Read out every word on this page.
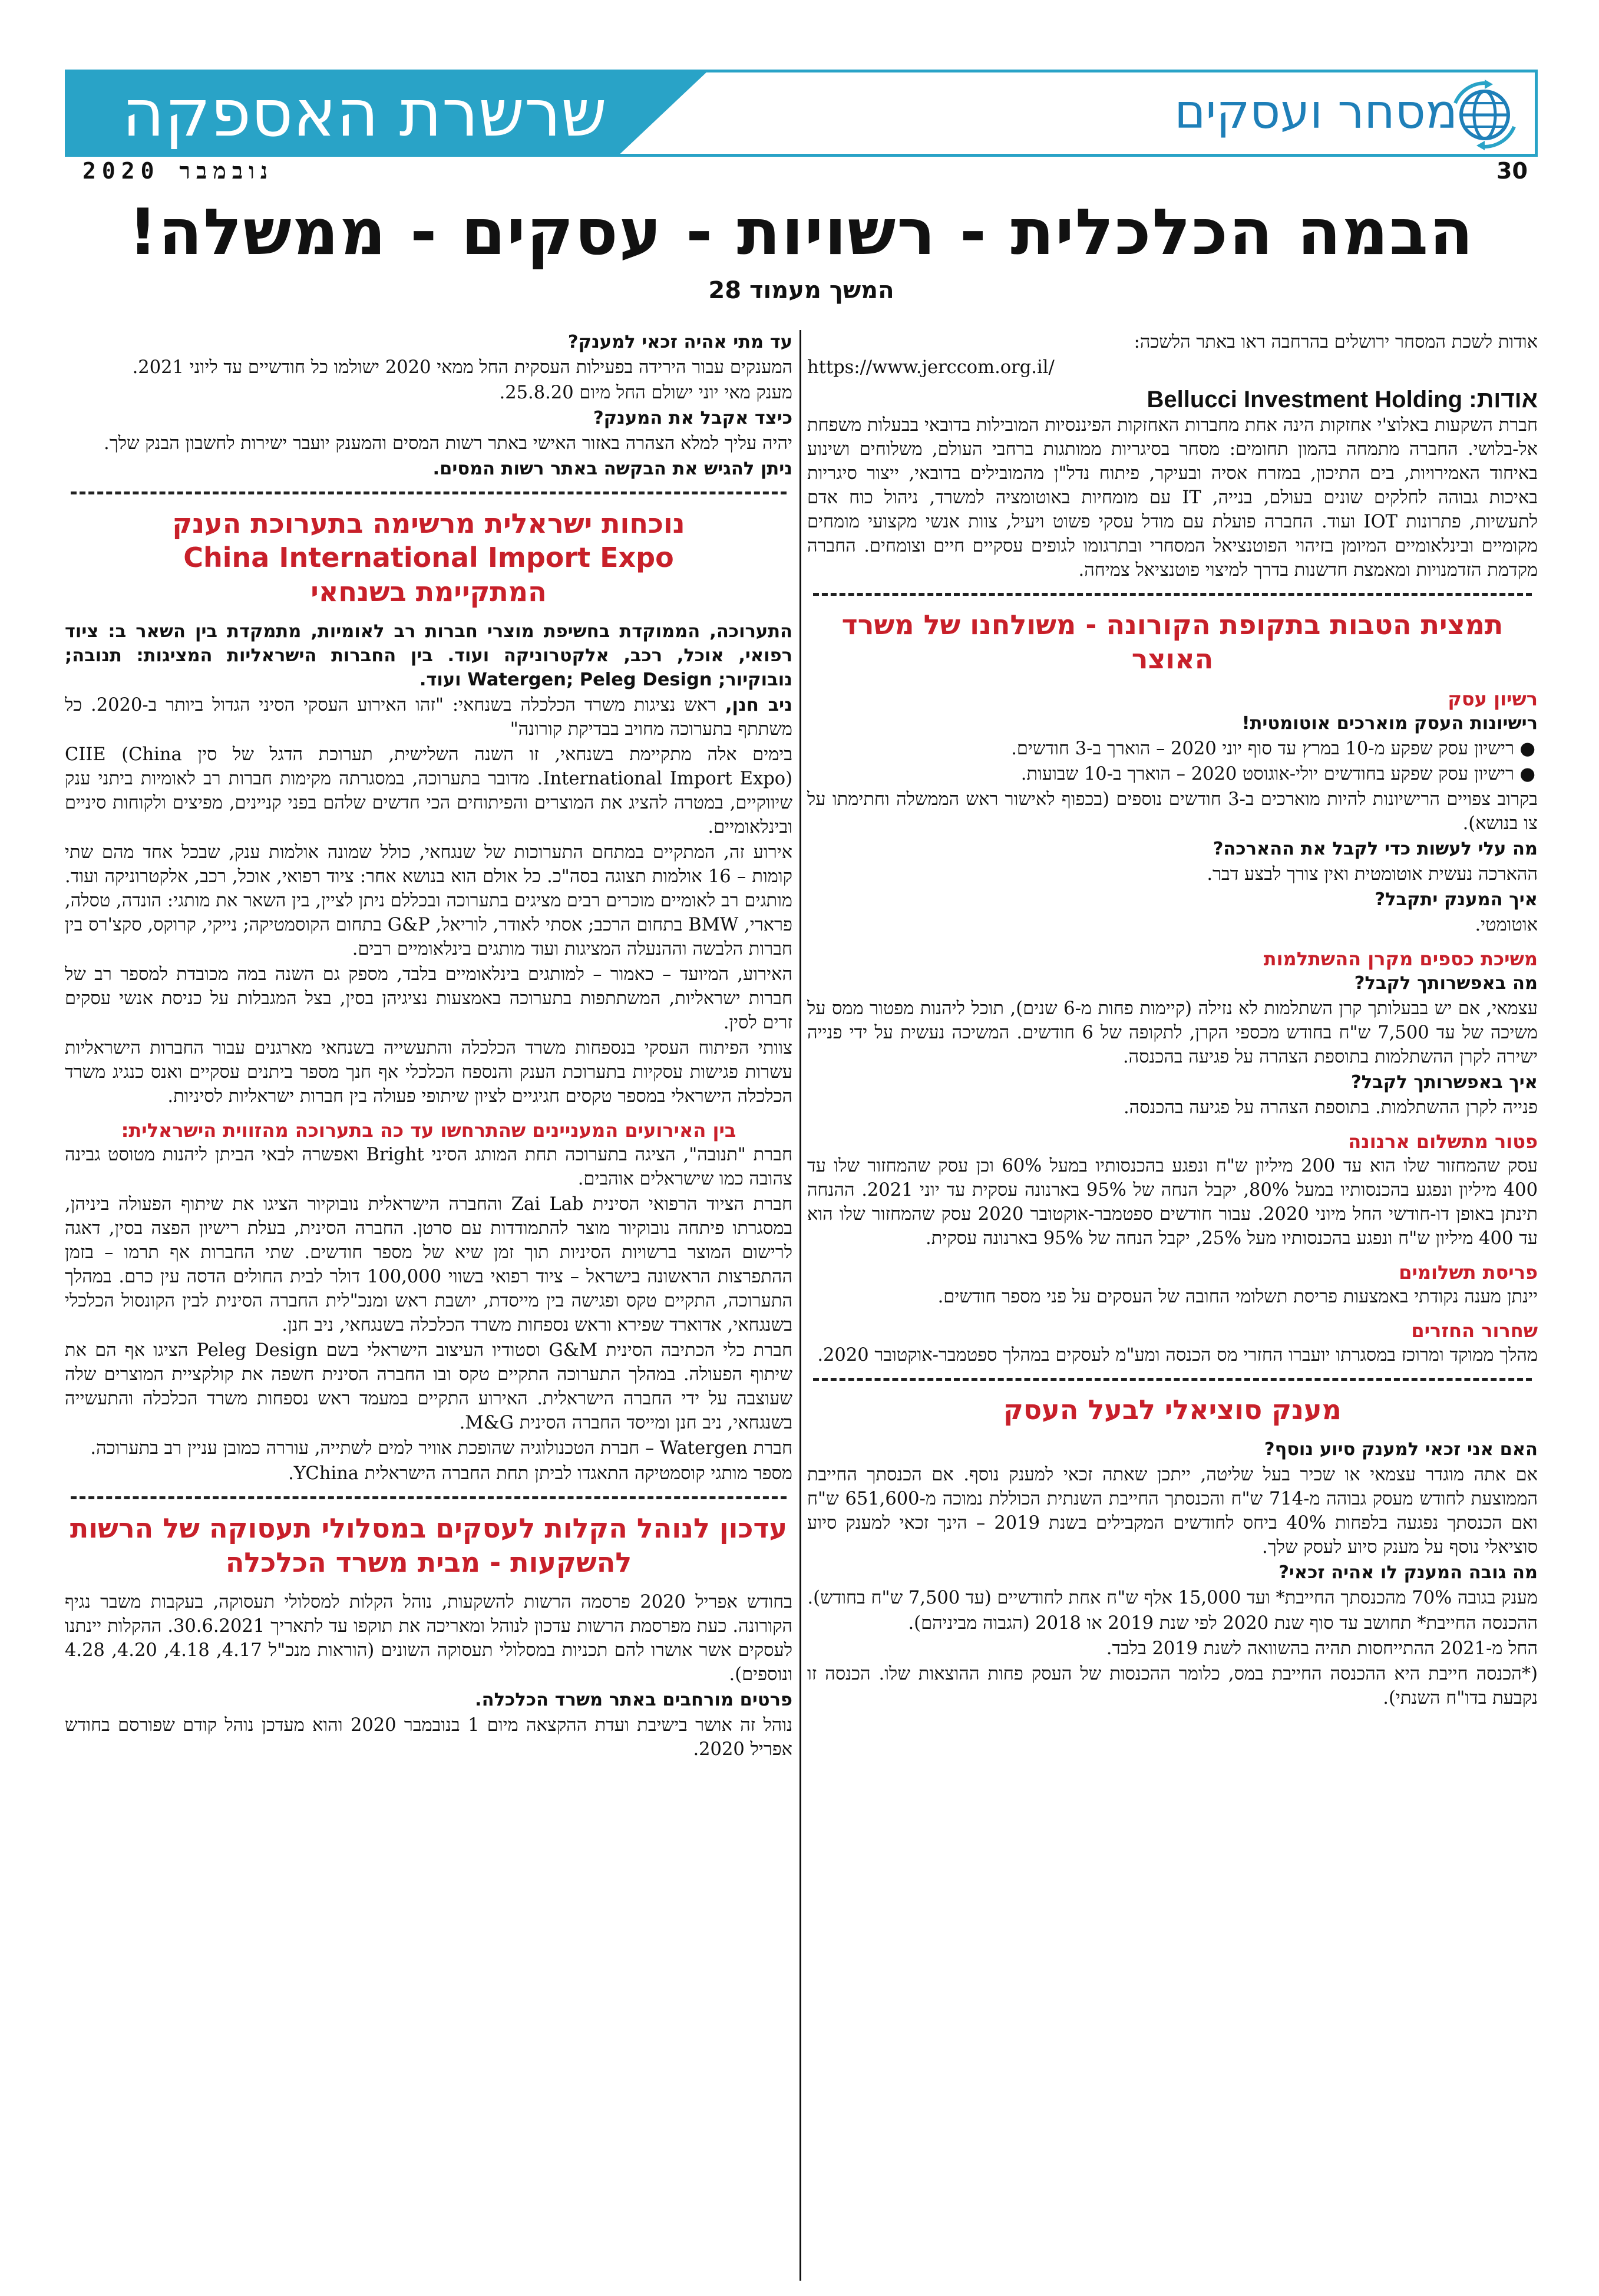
שרשרת האספקה	מסחר ועסקים
נובמבר 2020	30
הבמה הכלכלית - רשויות - עסקים - ממשלה!
המשך מעמוד 28

אודות לשכת המסחר ירושלים בהרחבה ראו באתר הלשכה:

https://www.jerccom.org.il/

אודות: Bellucci Investment Holding

חברת השקעות באלוצ'י אחזקות הינה אחת מחברות האחזקות הפיננסיות המובילות בדובאי בבעלות משפחת אל-בלושי. החברה מתמחה בהמון תחומים: מסחר בסיגריות ממותגות ברחבי העולם, משלוחים ושינוע באיחוד האמירויות, בים התיכון, במזרח אסיה ובעיקר, פיתוח נדל"ן מהמובילים בדובאי, ייצור סיגריות באיכות גבוהה לחלקים שונים בעולם, בנייה, IT עם מומחיות באוטומציה למשרד, ניהול כוח אדם לתעשיות, פתרונות IOT ועוד. החברה פועלת עם מודל עסקי פשוט ויעיל, צוות אנשי מקצועי מומחים מקומיים ובינלאומיים המיומן בזיהוי הפוטנציאל המסחרי ובתרגומו לגופים עסקיים חיים וצומחים. החברה מקדמת הזדמנויות ומאמצת חדשנות בדרך למיצוי פוטנציאל צמיחה.

תמצית הטבות בתקופת הקורונה - משולחנו של משרד האוצר
רשיון עסק

רישיונות העסק מוארכים אוטומטית!

● רישיון עסק שפקע מ-10 במרץ עד סוף יוני 2020 – הוארך ב-3 חודשים.

● רישיון עסק שפקע בחודשים יולי-אוגוסט 2020 – הוארך ב-10 שבועות.

בקרוב צפויים הרישיונות להיות מוארכים ב-3 חודשים נוספים (בכפוף לאישור ראש הממשלה וחתימתו על צו בנושא).

מה עלי לעשות כדי לקבל את ההארכה?

ההארכה נעשית אוטומטית ואין צורך לבצע דבר.

איך המענק יתקבל?

אוטומטי.

משיכת כספים מקרן ההשתלמות

מה באפשרותך לקבל?

עצמאי, אם יש בבעלותך קרן השתלמות לא נזילה (קיימות פחות מ-6 שנים), תוכל ליהנות מפטור ממס על משיכה של עד 7,500 ש"ח בחודש מכספי הקרן, לתקופה של 6 חודשים. המשיכה נעשית על ידי פנייה ישירה לקרן ההשתלמות בתוספת הצהרה על פגיעה בהכנסה.

איך באפשרותך לקבל?

פנייה לקרן ההשתלמות. בתוספת הצהרה על פגיעה בהכנסה.

פטור מתשלום ארנונה

עסק שהמחזור שלו הוא עד 200 מיליון ש"ח ונפגע בהכנסותיו במעל 60% וכן עסק שהמחזור שלו עד 400 מיליון ונפגע בהכנסותיו במעל 80%, יקבל הנחה של 95% בארנונה עסקית עד יוני 2021. ההנחה תינתן באופן דו-חודשי החל מיוני 2020. עבור חודשים ספטמבר-אוקטובר 2020 עסק שהמחזור שלו הוא עד 400 מיליון ש"ח ונפגע בהכנסותיו מעל 25%, יקבל הנחה של 95% בארנונה עסקית.

פריסת תשלומים

יינתן מענה נקודתי באמצעות פריסת תשלומי החובה של העסקים על פני מספר חודשים.

שחרור החזרים

מהלך ממוקד ומרוכז במסגרתו יועברו החזרי מס הכנסה ומע"מ לעסקים במהלך ספטמבר-אוקטובר 2020.

מענק סוציאלי לבעל העסק

האם אני זכאי למענק סיוע נוסף?

אם אתה מוגדר עצמאי או שכיר בעל שליטה, ייתכן שאתה זכאי למענק נוסף. אם הכנסתך החייבת הממוצעת לחודש מעסק גבוהה מ-714 ש"ח והכנסתך החייבת השנתית הכוללת נמוכה מ-651,600 ש"ח ואם הכנסתך נפגעה בלפחות 40% ביחס לחודשים המקבילים בשנת 2019 – הינך זכאי למענק סיוע סוציאלי נוסף על מענק סיוע לעסק שלך.

מה גובה המענק לו אהיה זכאי?

מענק בגובה 70% מהכנסתך החייבת* ועד 15,000 אלף ש"ח אחת לחודשיים (עד 7,500 ש"ח בחודש).

ההכנסה החייבת* תחושב עד סוף שנת 2020 לפי שנת 2019 או 2018 (הגבוה מביניהם).

החל מ-2021 ההתייחסות תהיה בהשוואה לשנת 2019 בלבד.

(*הכנסה חייבת היא ההכנסה החייבת במס, כלומר ההכנסות של העסק פחות ההוצאות שלו. הכנסה זו נקבעת בדו"ח השנתי).

עד מתי אהיה זכאי למענק?

המענקים עבור הירידה בפעילות העסקית החל ממאי 2020 ישולמו כל חודשיים עד ליוני 2021.

מענק מאי יוני ישולם החל מיום 25.8.20.

כיצד אקבל את המענק?

יהיה עליך למלא הצהרה באזור האישי באתר רשות המסים והמענק יועבר ישירות לחשבון הבנק שלך.

ניתן להגיש את הבקשה באתר רשות המסים.

נוכחות ישראלית מרשימה בתערוכת הענק
China International Import Expo
המתקיימת בשנחאי

התערוכה, הממוקדת בחשיפת מוצרי חברות רב לאומיות, מתמקדת בין השאר ב: ציוד רפואי, אוכל, רכב, אלקטרוניקה ועוד. בין החברות הישראליות המציגות: תנובה; נובוקיור; Watergen; Peleg Design ועוד.

ניב חנן, ראש נציגות משרד הכלכלה בשנחאי: "זהו האירוע העסקי הסיני הגדול ביותר ב-2020. כל משתתף בתערוכה מחויב בבדיקת קורונה"

בימים אלה מתקיימת בשנחאי, זו השנה השלישית, תערוכת הדגל של סין CIIE (China International Import Expo). מדובר בתערוכה, במסגרתה מקימות חברות רב לאומיות ביתני ענק שיווקיים, במטרה להציג את המוצרים והפיתוחים הכי חדשים שלהם בפני קניינים, מפיצים ולקוחות סיניים ובינלאומיים.

אירוע זה, המתקיים במתחם התערוכות של שנגחאי, כולל שמונה אולמות ענק, שבכל אחד מהם שתי קומות – 16 אולמות תצוגה בסה"כ. כל אולם הוא בנושא אחר: ציוד רפואי, אוכל, רכב, אלקטרוניקה ועוד. מותגים רב לאומיים מוכרים רבים מציגים בתערוכה ובכללם ניתן לציין, בין השאר את מותגי: הונדה, טסלה, פרארי, BMW בתחום הרכב; אסתי לאודר, לוריאל, G&P בתחום הקוסמטיקה; נייקי, קרוקס, סקצ'רס בין חברות הלבשה וההנעלה המציגות ועוד מותגים בינלאומיים רבים.

האירוע, המיועד – כאמור – למותגים בינלאומיים בלבד, מספק גם השנה במה מכובדת למספר רב של חברות ישראליות, המשתתפות בתערוכה באמצעות נציגיהן בסין, בצל המגבלות על כניסת אנשי עסקים זרים לסין.

צוותי הפיתוח העסקי בנספחות משרד הכלכלה והתעשייה בשנחאי מארגנים עבור החברות הישראליות עשרות פגישות עסקיות בתערוכת הענק והנספח הכלכלי אף חנך מספר ביתנים עסקיים ואנס כנגיג משרד הכלכלה הישראלי במספר טקסים חגיגיים לציון שיתופי פעולה בין חברות ישראליות לסיניות.

בין האירועים המעניינים שהתרחשו עד כה בתערוכה מהזווית הישראלית:

חברת "תנובה", הציגה בתערוכה תחת המותג הסיני Bright ואפשרה לבאי הביתן ליהנות מטוסט גבינה צהובה כמו שישראלים אוהבים.

חברת הציוד הרפואי הסינית Zai Lab והחברה הישראלית נובוקיור הציגו את שיתוף הפעולה ביניהן, במסגרתו פיתחה נובוקיור מוצר להתמודדות עם סרטן. החברה הסינית, בעלת רישיון הפצה בסין, דאגה לרישום המוצר ברשויות הסיניות תוך זמן שיא של מספר חודשים. שתי החברות אף תרמו – בזמן ההתפרצות הראשונה בישראל – ציוד רפואי בשווי 100,000 דולר לבית החולים הדסה עין כרם. במהלך התערוכה, התקיים טקס ופגישה בין מייסדת, יושבת ראש ומנכ"לית החברה הסינית לבין הקונסול הכלכלי בשנגחאי, אדוארד שפירא וראש נספחות משרד הכלכלה בשנגחאי, ניב חנן.

חברת כלי הכתיבה הסינית G&M וסטודיו העיצוב הישראלי בשם Peleg Design הציגו אף הם את שיתוף הפעולה. במהלך התערוכה התקיים טקס ובו החברה הסינית חשפה את קולקציית המוצרים שלה שעוצבה על ידי החברה הישראלית. האירוע התקיים במעמד ראש נספחות משרד הכלכלה והתעשייה בשנגחאי, ניב חנן ומייסד החברה הסינית M&G.

חברת Watergen – חברת הטכנולוגיה שהופכת אוויר למים לשתייה, עוררה כמובן עניין רב בתערוכה.

מספר מותגי קוסמטיקה התאגדו לביתן תחת החברה הישראלית YChina.

עדכון לנוהל הקלות לעסקים במסלולי תעסוקה של הרשות להשקעות - מבית משרד הכלכלה

בחודש אפריל 2020 פרסמה הרשות להשקעות, נוהל הקלות למסלולי תעסוקה, בעקבות משבר נגיף הקורונה. כעת מפרסמת הרשות עדכון לנוהל ומאריכה את תוקפו עד לתאריך 30.6.2021. ההקלות יינתנו לעסקים אשר אושרו להם תכניות במסלולי תעסוקה השונים (הוראות מנכ"ל 4.17, 4.18, 4.20, 4.28 ונוספים).

פרטים מורחבים באתר משרד הכלכלה.

נוהל זה אושר בישיבת ועדת ההקצאה מיום 1 בנובמבר 2020 והוא מעדכן נוהל קודם שפורסם בחודש אפריל 2020.
